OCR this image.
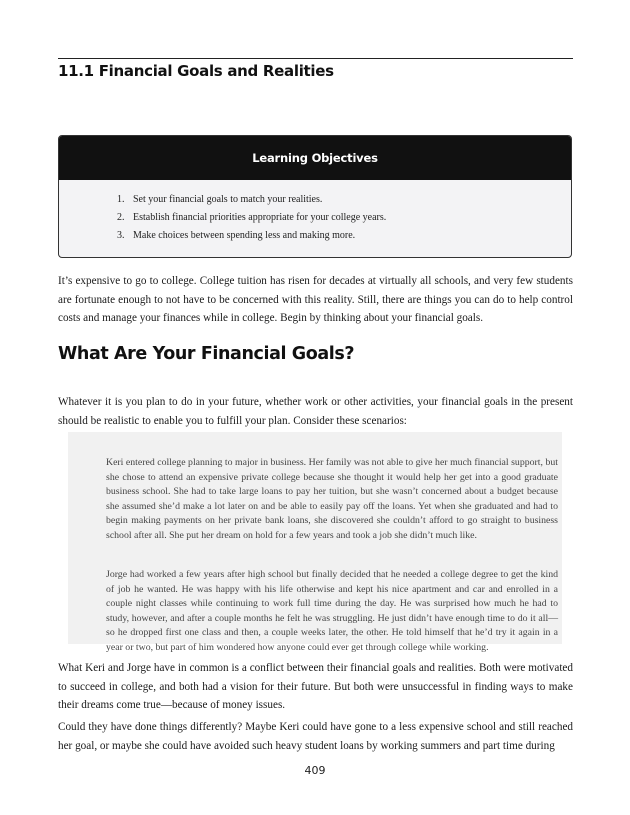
11.1 Financial Goals and Realities
Learning Objectives
1. Set your financial goals to match your realities.
2. Establish financial priorities appropriate for your college years.
3. Make choices between spending less and making more.

It’s expensive to go to college. College tuition has risen for decades at virtually all schools, and very few students are fortunate enough to not have to be concerned with this reality. Still, there are things you can do to help control costs and manage your finances while in college. Begin by thinking about your financial goals.

What Are Your Financial Goals?

Whatever it is you plan to do in your future, whether work or other activities, your financial goals in the present should be realistic to enable you to fulfill your plan. Consider these scenarios:

Keri entered college planning to major in business. Her family was not able to give her much financial support, but she chose to attend an expensive private college because she thought it would help her get into a good graduate business school. She had to take large loans to pay her tuition, but she wasn’t concerned about a budget because she assumed she’d make a lot later on and be able to easily pay off the loans. Yet when she graduated and had to begin making payments on her private bank loans, she discovered she couldn’t afford to go straight to business school after all. She put her dream on hold for a few years and took a job she didn’t much like.

Jorge had worked a few years after high school but finally decided that he needed a college degree to get the kind of job he wanted. He was happy with his life otherwise and kept his nice apartment and car and enrolled in a couple night classes while continuing to work full time during the day. He was surprised how much he had to study, however, and after a couple months he felt he was struggling. He just didn’t have enough time to do it all—so he dropped first one class and then, a couple weeks later, the other. He told himself that he’d try it again in a year or two, but part of him wondered how anyone could ever get through college while working.

What Keri and Jorge have in common is a conflict between their financial goals and realities. Both were motivated to succeed in college, and both had a vision for their future. But both were unsuccessful in finding ways to make their dreams come true—because of money issues.

Could they have done things differently? Maybe Keri could have gone to a less expensive school and still reached her goal, or maybe she could have avoided such heavy student loans by working summers and part time during

409
